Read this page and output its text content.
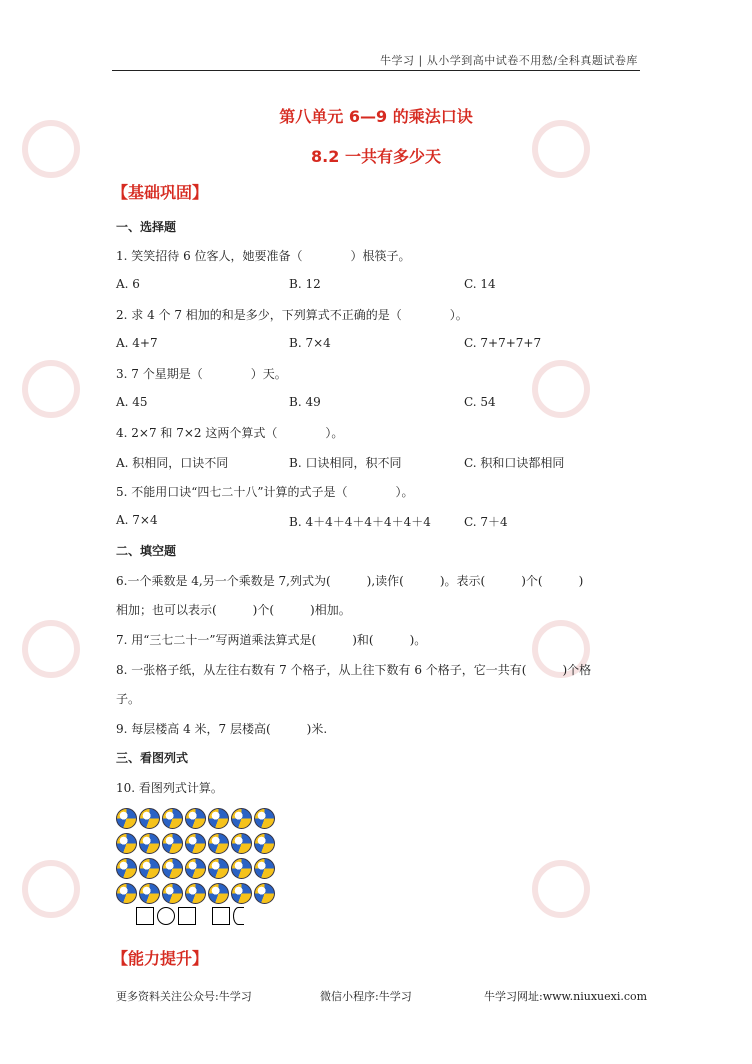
牛学习 | 从小学到高中试卷不用愁/全科真题试卷库
第八单元 6—9 的乘法口诀
8.2 一共有多少天
【基础巩固】
一、选择题
1. 笑笑招待 6 位客人，她要准备（　　　　）根筷子。
A. 6	B. 12	C. 14
2. 求 4 个 7 相加的和是多少，下列算式不正确的是（　　　　）。
A. 4+7	B. 7×4	C. 7+7+7+7
3. 7 个星期是（　　　　）天。
A. 45	B. 49	C. 54
4. 2×7 和 7×2 这两个算式（　　　　）。
A. 积相同，口诀不同	B. 口诀相同，积不同	C. 积和口诀都相同
5. 不能用口诀“四七二十八”计算的式子是（　　　　）。
A. 7×4	B. 4＋4＋4＋4＋4＋4＋4	C. 7＋4
二、填空题
6.一个乘数是 4,另一个乘数是 7,列式为(　　　),读作(　　　)。表示(　　　)个(　　　)
相加；也可以表示(　　　)个(　　　)相加。
7. 用“三七二十一”写两道乘法算式是(　　　)和(　　　)。
8. 一张格子纸，从左往右数有 7 个格子，从上往下数有 6 个格子，它一共有(　　　)个格
子。
9. 每层楼高 4 米，7 层楼高(　　　)米.
三、看图列式
10. 看图列式计算。
【能力提升】
更多资料关注公众号:牛学习	微信小程序:牛学习	牛学习网址:www.niuxuexi.com
